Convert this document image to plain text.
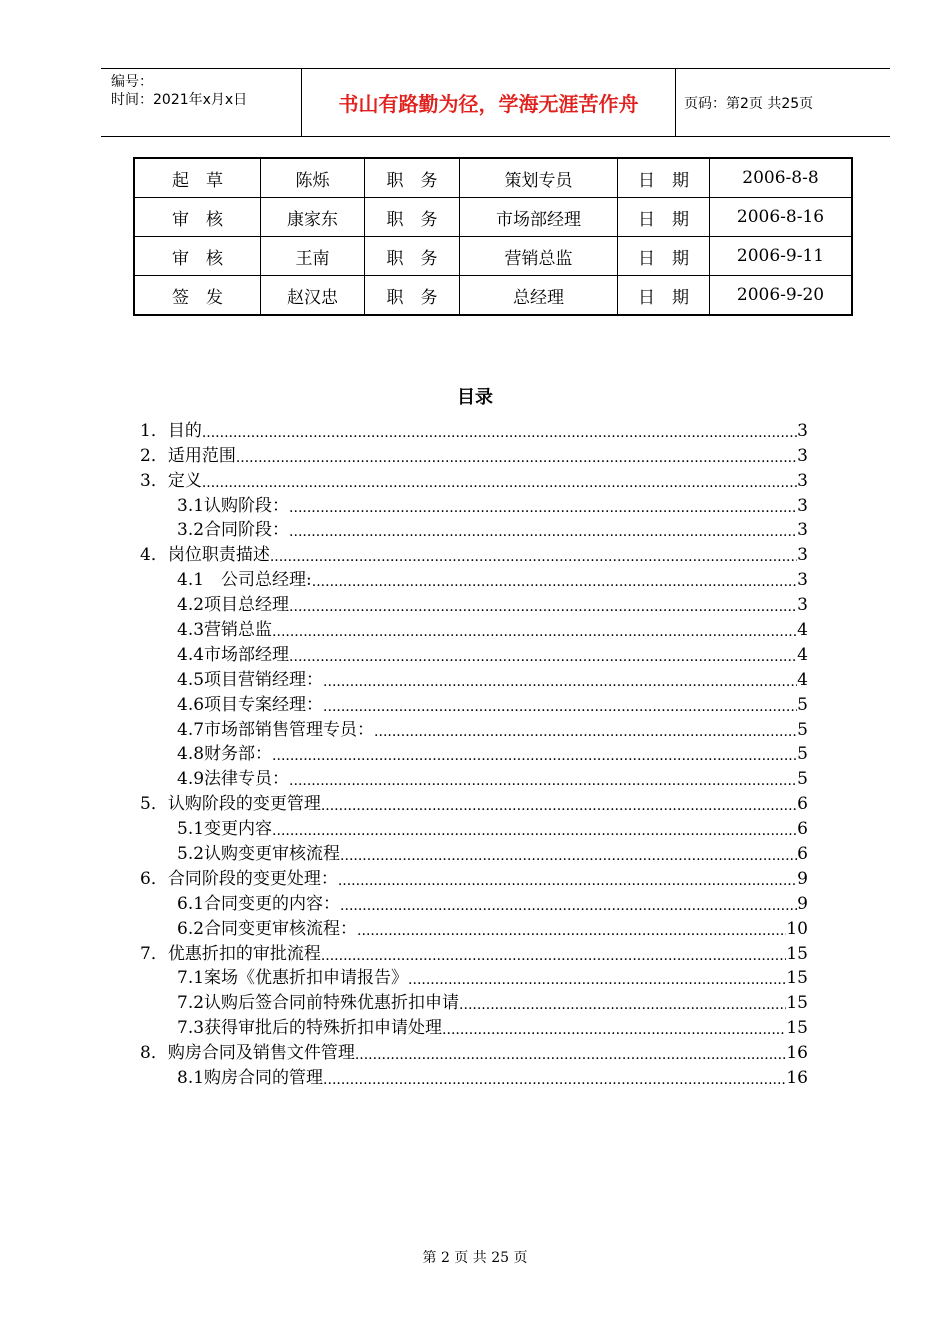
编号：
时间：2021年x月x日	书山有路勤为径，学海无涯苦作舟	页码：第2页 共25页
起　草	陈烁	职　务	策划专员	日　期	2006-8-8
审　核	康家东	职　务	市场部经理	日　期	2006-8-16
审　核	王南	职　务	营销总监	日　期	2006-9-11
签　发	赵汉忠	职　务	总经理	日　期	2006-9-20
目录
1．目的 .....	3
2．适用范围 .....	3
3．定义 .....	3
3.1认购阶段： .....	3
3.2合同阶段： .....	3
4．岗位职责描述 .....	3
4.1　公司总经理: .....	3
4.2项目总经理 .....	3
4.3营销总监 .....	4
4.4市场部经理 .....	4
4.5项目营销经理： .....	4
4.6项目专案经理： .....	5
4.7市场部销售管理专员： .....	5
4.8财务部： .....	5
4.9法律专员： .....	5
5．认购阶段的变更管理 .....	6
5.1变更内容 .....	6
5.2认购变更审核流程 .....	6
6．合同阶段的变更处理： .....	9
6.1合同变更的内容： .....	9
6.2合同变更审核流程： .....	10
7．优惠折扣的审批流程 .....	15
7.1案场《优惠折扣申请报告》 .....	15
7.2认购后签合同前特殊优惠折扣申请 .....	15
7.3获得审批后的特殊折扣申请处理 .....	15
8．购房合同及销售文件管理 .....	16
8.1购房合同的管理 .....	16
第 2 页 共 25 页
